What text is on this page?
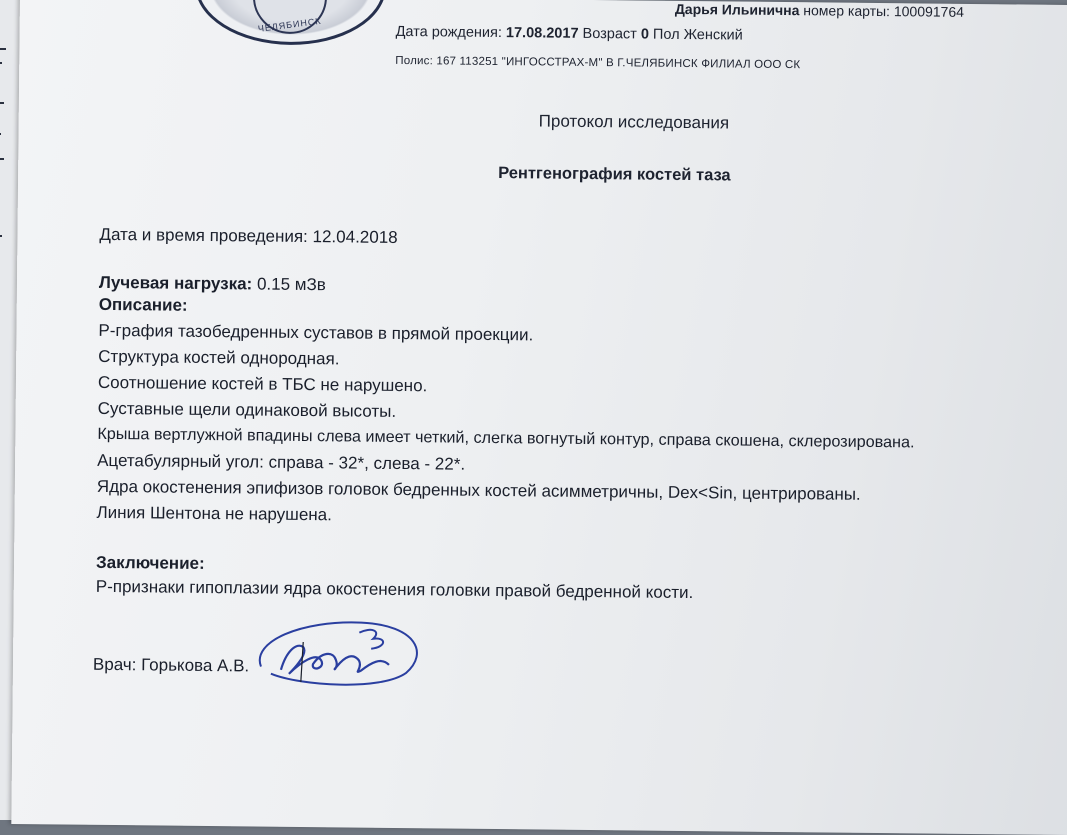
ЧЕЛЯБИНСК
Дарья Ильинична номер карты: 100091764
Дата рождения: 17.08.2017 Возраст 0 Пол Женский
Полис: 167 113251 "ИНГОССТРАХ-М" В Г.ЧЕЛЯБИНСК ФИЛИАЛ ООО СК
Протокол исследования
Рентгенография костей таза
Дата и время проведения: 12.04.2018
Лучевая нагрузка: 0.15 мЗв
Описание:
Р-графия тазобедренных суставов в прямой проекции.
Структура костей однородная.
Соотношение костей в ТБС не нарушено.
Суставные щели одинаковой высоты.
Крыша вертлужной впадины слева имеет четкий, слегка вогнутый контур, справа скошена, склерозирована.
Ацетабулярный угол: справа - 32*, слева - 22*.
Ядра окостенения эпифизов головок бедренных костей асимметричны, Dex<Sin, центрированы.
Линия Шентона не нарушена.
Заключение:
Р-признаки гипоплазии ядра окостенения головки правой бедренной кости.
Врач: Горькова А.В.
